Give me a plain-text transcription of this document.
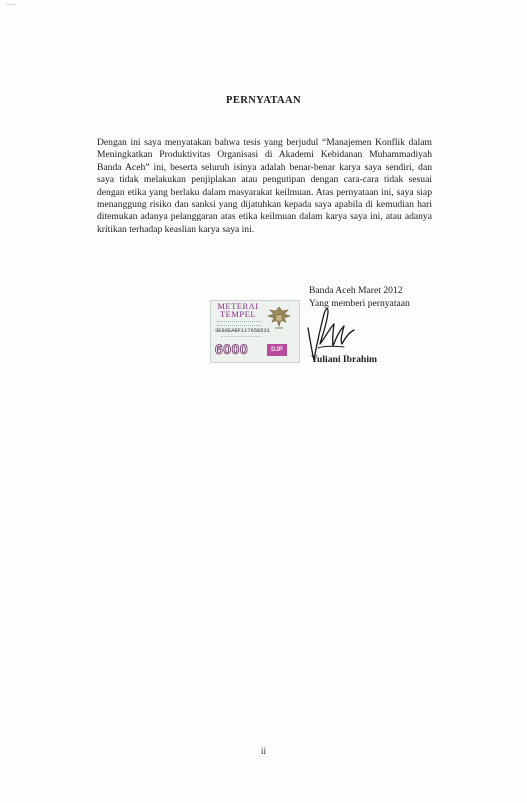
PERNYATAAN
Dengan ini saya menyatakan bahwa tesis yang berjudul “Manajemen Konflik dalam Meningkatkan Produktivitas Organisasi di Akademi Kebidanan Muhammadiyah Banda Aceh” ini, beserta seluruh isinya adalah benar-benar karya saya sendiri, dan saya tidak melakukan penjiplakan atau pengutipan dengan cara-cara tidak sesuai dengan etika yang berlaku dalam masyarakat keilmuan. Atas pernyataan ini, saya siap menanggung risiko dan sanksi yang dijatuhkan kepada saya apabila di kemudian hari ditemukan adanya pelanggaran atas etika keilmuan dalam karya saya ini, atau adanya kritikan terhadap keaslian karya saya ini.
Banda Aceh Maret 2012
Yang memberi pernyataan
METERAI TEMPEL
3E86EABF117658531
6000	DJP
Yuliani Ibrahim
ii
